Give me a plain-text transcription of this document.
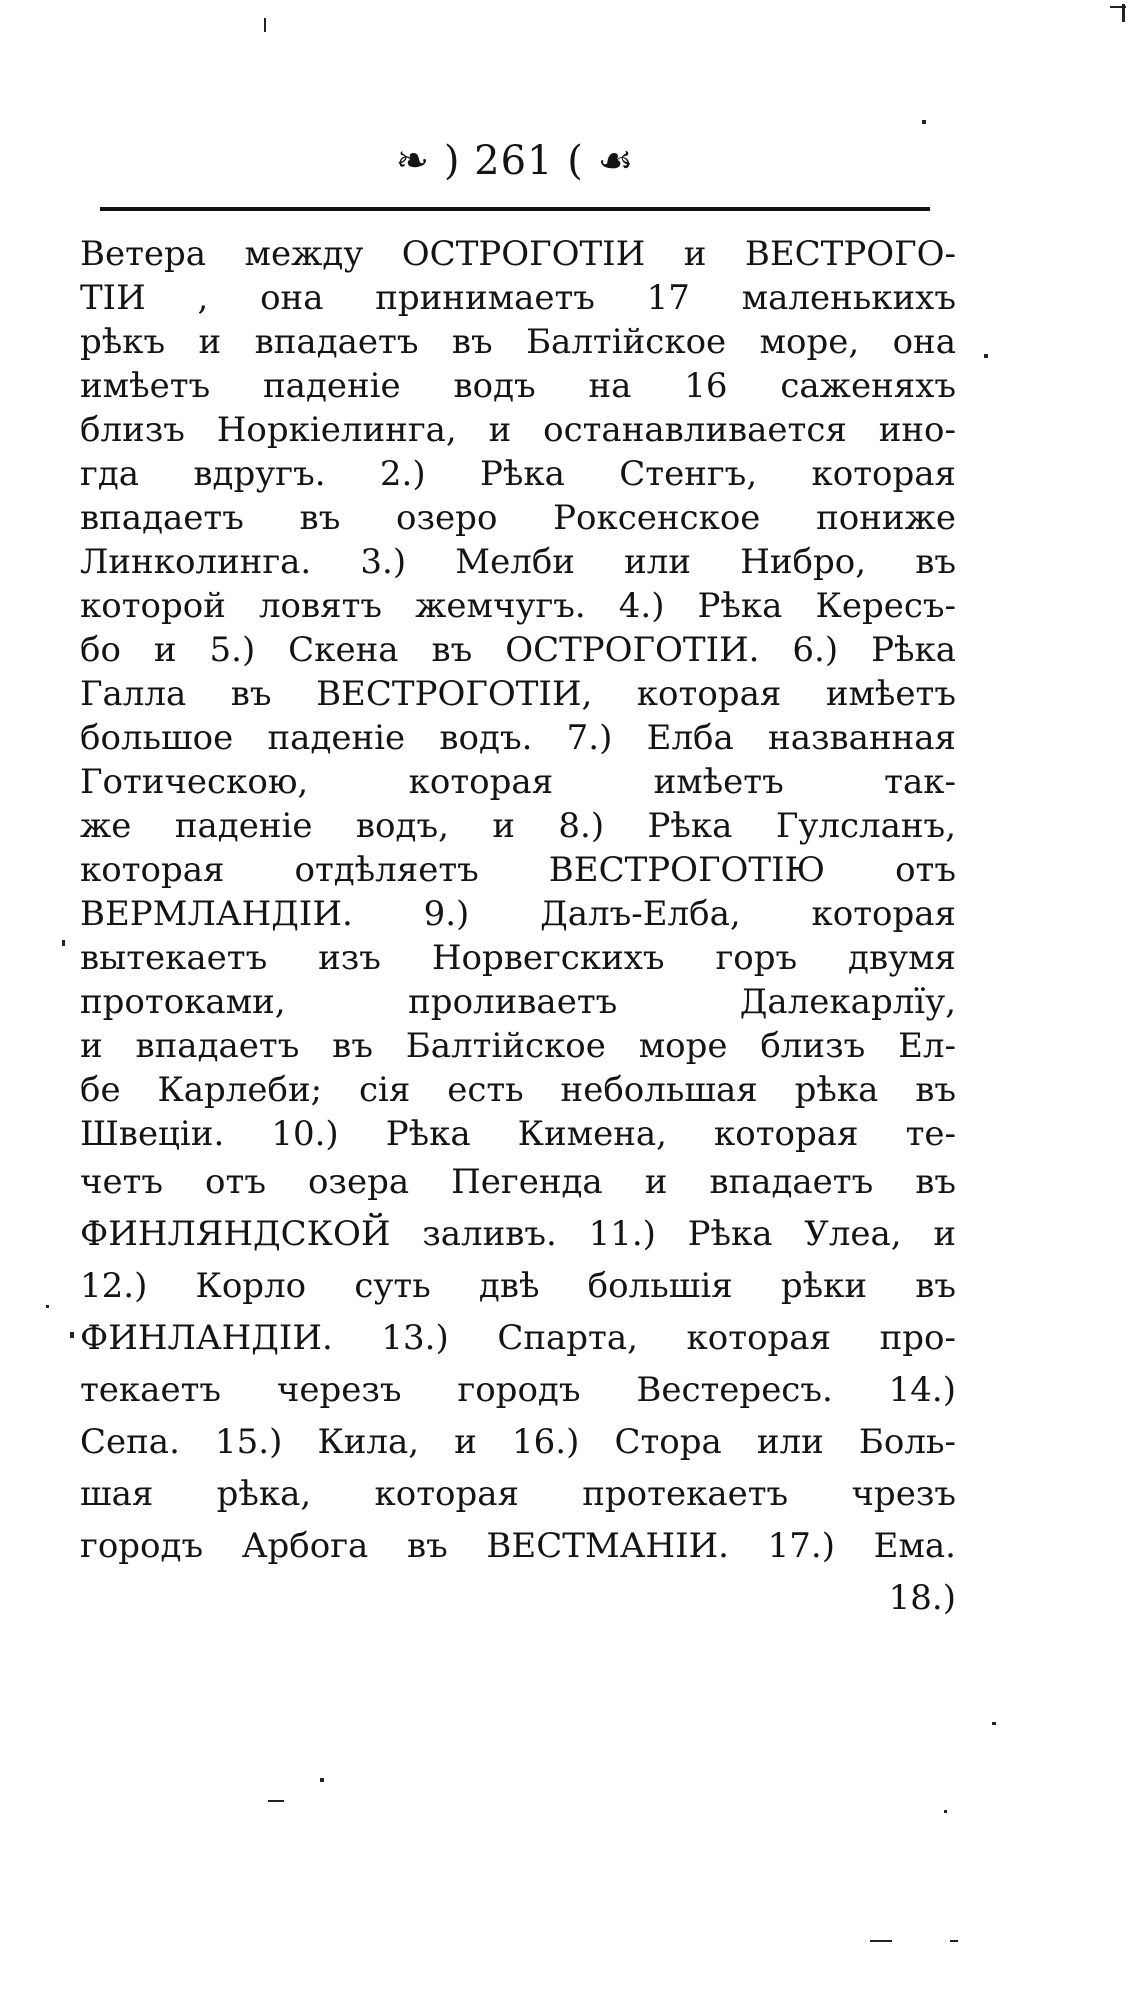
❧ ) 261 ( ☙
Ветера между ОСТРОГОТІИ и ВЕСТРОГО-
ТІИ , она принимаетъ 17 маленькихъ
рѣкъ и впадаетъ въ Балтійское море, она
имѣетъ паденіе водъ на 16 саженяхъ
близъ Норкіелинга, и останавливается ино-
гда вдругъ. 2.) Рѣка Стенгъ, которая
впадаетъ въ озеро Роксенское пониже
Линколинга. 3.) Мелби или Нибро, въ
которой ловятъ жемчугъ. 4.) Рѣка Кересъ-
бо и 5.) Скена въ ОСТРОГОТІИ. 6.) Рѣка
Галла въ ВЕСТРОГОТІИ, которая имѣетъ
большое паденіе водъ. 7.) Елба названная
Готическою, которая имѣетъ так-
же паденіе водъ, и 8.) Рѣка Гулсланъ,
которая отдѣляетъ ВЕСТРОГОТІЮ отъ
ВЕРМЛАНДІИ. 9.) Далъ-Елба, которая
вытекаетъ изъ Норвегскихъ горъ двумя
протоками, проливаетъ Далекарлїу,
и впадаетъ въ Балтійское море близъ Ел-
бе Карлеби; сія есть небольшая рѣка въ
Швеціи. 10.) Рѣка Кимена, которая те-
четъ отъ озера Пегенда и впадаетъ въ
ФИНЛЯНДСКОЙ заливъ. 11.) Рѣка Улеа, и
12.) Корло суть двѣ большія рѣки въ
ФИНЛАНДІИ. 13.) Спарта, которая про-
текаетъ черезъ городъ Вестересъ. 14.)
Сепа. 15.) Кила, и 16.) Стора или Боль-
шая рѣка, которая протекаетъ чрезъ
городъ Арбога въ ВЕСТМАНІИ. 17.) Ема.
18.)
